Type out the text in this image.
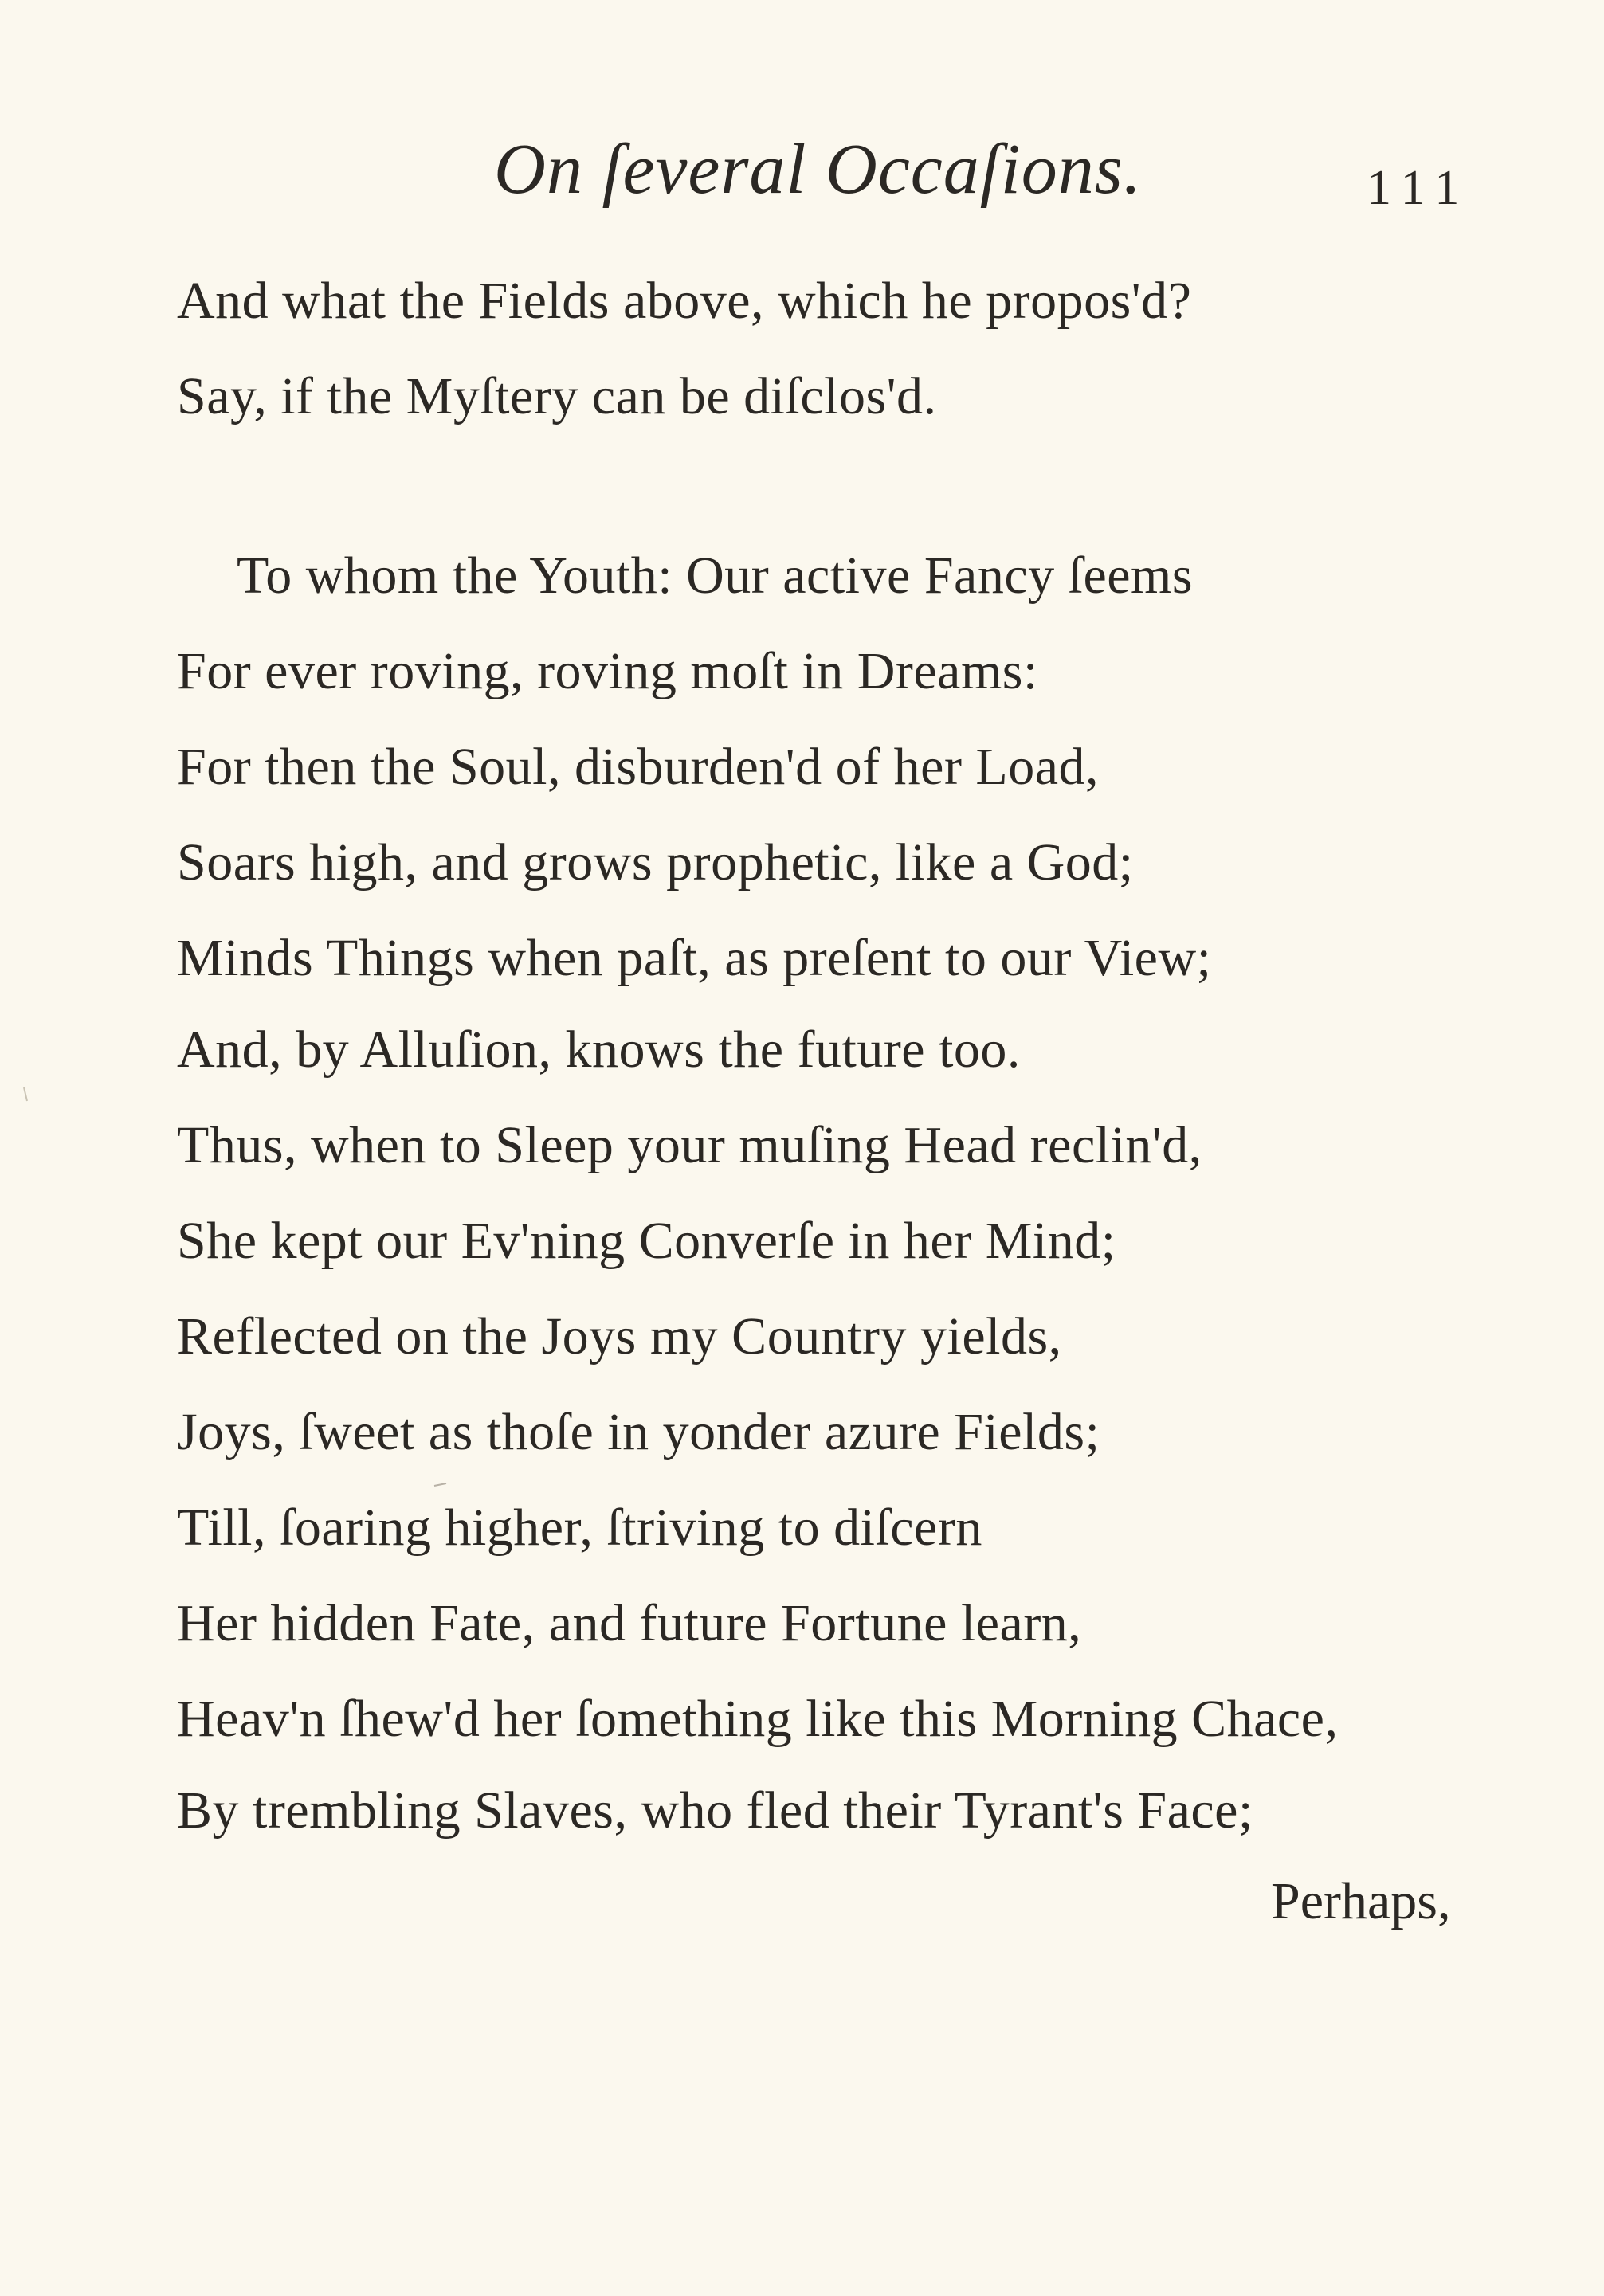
On ſeveral Occaſions.	111
And what the Fields above, which he propos'd?
Say, if the Myſtery can be diſclos'd.
To whom the Youth: Our active Fancy ſeems
For ever roving, roving moſt in Dreams:
For then the Soul, disburden'd of her Load,
Soars high, and grows prophetic, like a God;
Minds Things when paſt, as preſent to our View;
And, by Alluſion, knows the future too.
Thus, when to Sleep your muſing Head reclin'd,
She kept our Ev'ning Converſe in her Mind;
Reflected on the Joys my Country yields,
Joys, ſweet as thoſe in yonder azure Fields;
Till, ſoaring higher, ſtriving to diſcern
Her hidden Fate, and future Fortune learn,
Heav'n ſhew'd her ſomething like this Morning Chace,
By trembling Slaves, who fled their Tyrant's Face;
Perhaps,
